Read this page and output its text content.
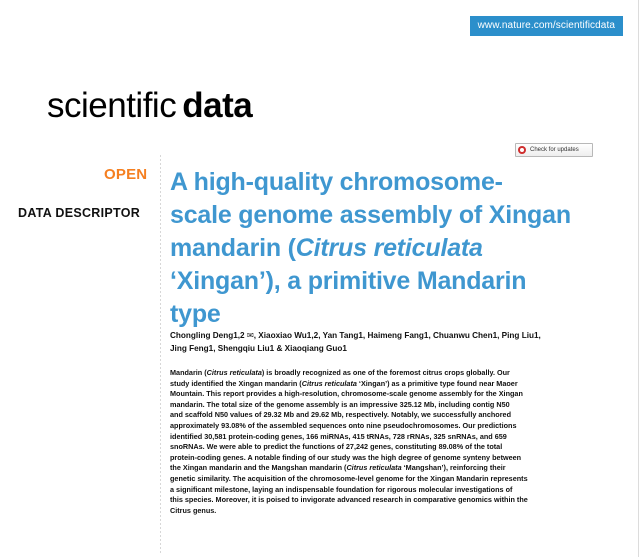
www.nature.com/scientificdata
scientific data
Check for updates
OPEN
DATA DESCRIPTOR
A high-quality chromosome-
scale genome assembly of Xingan
mandarin (Citrus reticulata
‘Xingan’), a primitive Mandarin
type
Chongling Deng1,2 ✉, Xiaoxiao Wu1,2, Yan Tang1, Haimeng Fang1, Chuanwu Chen1, Ping Liu1,
Jing Feng1, Shengqiu Liu1 & Xiaoqiang Guo1
Mandarin (Citrus reticulata) is broadly recognized as one of the foremost citrus crops globally. Our
study identified the Xingan mandarin (Citrus reticulata ‘Xingan’) as a primitive type found near Maoer
Mountain. This report provides a high-resolution, chromosome-scale genome assembly for the Xingan
mandarin. The total size of the genome assembly is an impressive 325.12 Mb, including contig N50
and scaffold N50 values of 29.32 Mb and 29.62 Mb, respectively. Notably, we successfully anchored
approximately 93.08% of the assembled sequences onto nine pseudochromosomes. Our predictions
identified 30,581 protein-coding genes, 166 miRNAs, 415 tRNAs, 728 rRNAs, 325 snRNAs, and 659
snoRNAs. We were able to predict the functions of 27,242 genes, constituting 89.08% of the total
protein-coding genes. A notable finding of our study was the high degree of genome synteny between
the Xingan mandarin and the Mangshan mandarin (Citrus reticulata ‘Mangshan’), reinforcing their
genetic similarity. The acquisition of the chromosome-level genome for the Xingan Mandarin represents
a significant milestone, laying an indispensable foundation for rigorous molecular investigations of
this species. Moreover, it is poised to invigorate advanced research in comparative genomics within the
Citrus genus.
